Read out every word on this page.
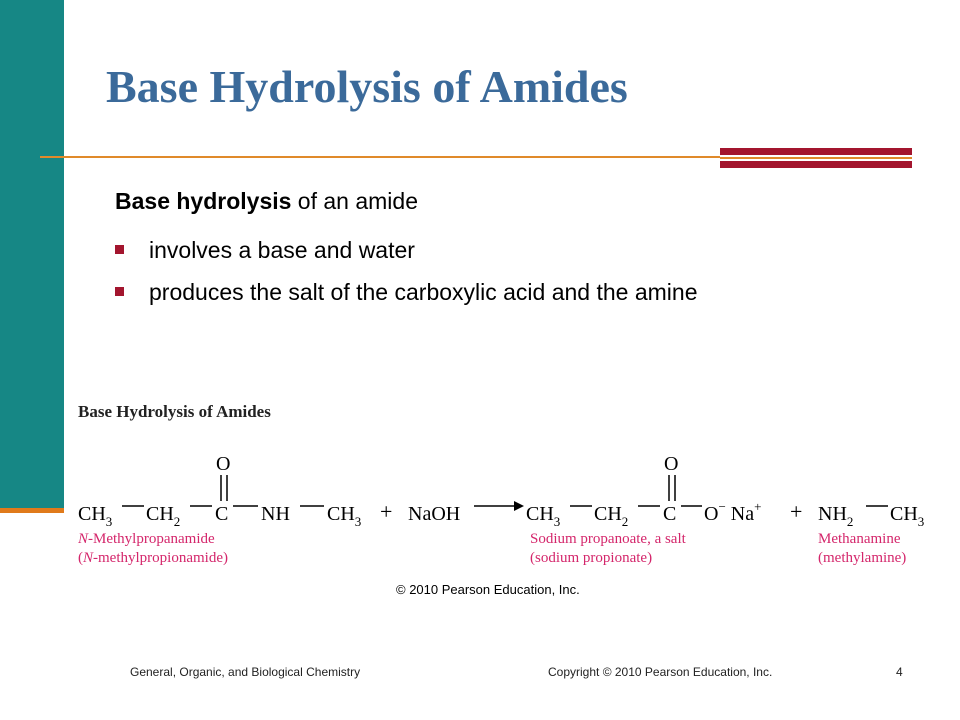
Base Hydrolysis of Amides
Base hydrolysis of an amide
involves a base and water
produces the salt of the carboxylic acid and the amine
Base Hydrolysis of Amides
$CH_3$ $CH_2$
O
C NH $CH_3$ + NaOH	$CH_3$ $CH_2$
O
C O− $Na^+ + NH_2$ $CH_3$
N-Methylpropanamide
(N-methylpropionamide)
Sodium propanoate, a salt
(sodium propionate)
Methanamine
(methylamine)
© 2010 Pearson Education, Inc.
General, Organic, and Biological Chemistry	Copyright © 2010 Pearson Education, Inc.	4
